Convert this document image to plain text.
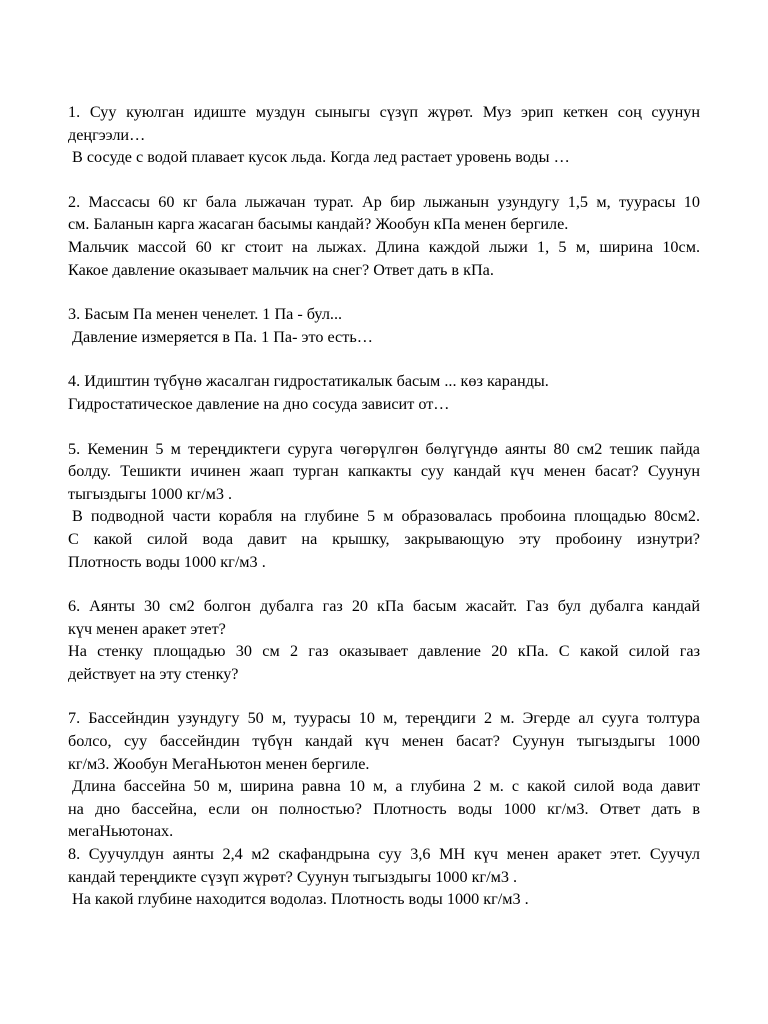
1. Суу куюлган идиште муздун сыныгы сүзүп жүрөт. Муз эрип кеткен соң суунун

деңгээли…

В сосуде с водой плавает кусок льда. Когда лед растает уровень воды …

2. Массасы 60 кг бала лыжачан турат. Ар бир лыжанын узундугу 1,5 м, туурасы 10

см. Баланын карга жасаган басымы кандай? Жообун кПа менен бергиле.

Мальчик массой 60 кг стоит на лыжах. Длина каждой лыжи 1, 5 м, ширина 10см.

Какое давление оказывает мальчик на снег? Ответ дать в кПа.

3. Басым Па менен ченелет. 1 Па - бул...

Давление измеряется в Па. 1 Па- это есть…

4. Идиштин түбүнө жасалган гидростатикалык басым ... көз каранды.

Гидростатическое давление на дно сосуда зависит от…

5. Кеменин 5 м тереңдиктеги суруга чөгөрүлгөн бөлүгүндө аянты 80 см2 тешик пайда

болду. Тешикти ичинен жаап турган капкакты суу кандай күч менен басат? Суунун

тыгыздыгы 1000 кг/м3 .

В подводной части корабля на глубине 5 м образовалась пробоина площадью 80см2.

С какой силой вода давит на крышку, закрывающую эту пробоину изнутри?

Плотность воды 1000 кг/м3 .

6. Аянты 30 см2 болгон дубалга газ 20 кПа басым жасайт. Газ бул дубалга кандай

күч менен аракет этет?

На стенку площадью 30 см 2 газ оказывает давление 20 кПа. С какой силой газ

действует на эту стенку?

7. Бассейндин узундугу 50 м, туурасы 10 м, тереңдиги 2 м. Эгерде ал сууга толтура

болсо, суу бассейндин түбүн кандай күч менен басат? Суунун тыгыздыгы 1000

кг/м3. Жообун МегаНьютон менен бергиле.

Длина бассейна 50 м, ширина равна 10 м, а глубина 2 м. с какой силой вода давит

на дно бассейна, если он полностью? Плотность воды 1000 кг/м3. Ответ дать в

мегаНьютонах.

8. Суучулдун аянты 2,4 м2 скафандрына суу 3,6 МН күч менен аракет этет. Суучул

кандай тереңдикте сүзүп жүрөт? Суунун тыгыздыгы 1000 кг/м3 .

На какой глубине находится водолаз. Плотность воды 1000 кг/м3 .
